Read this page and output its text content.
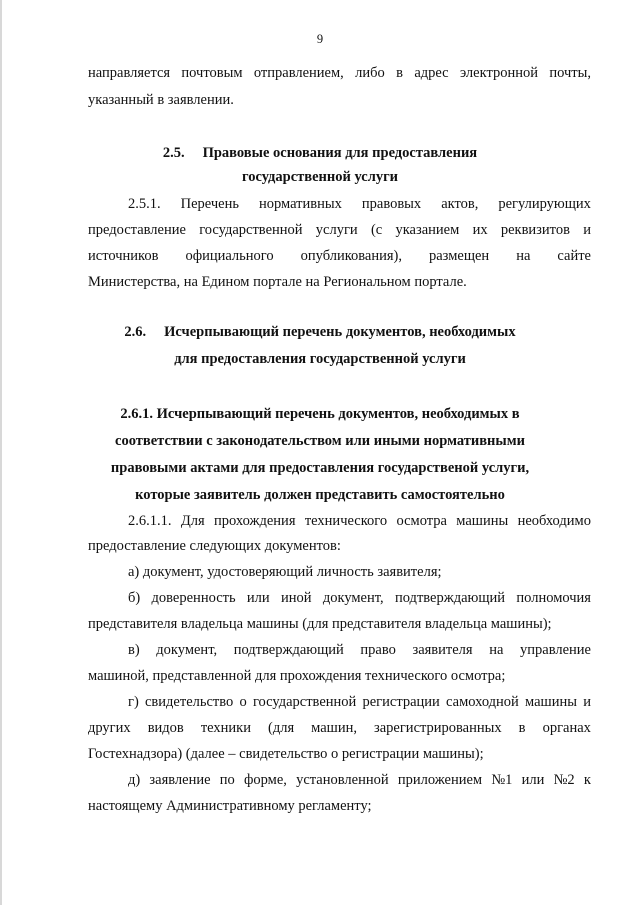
9
направляется почтовым отправлением, либо в адрес электронной почты,
указанный в заявлении.
2.5. Правовые основания для предоставления
государственной услуги
2.5.1. Перечень нормативных правовых актов, регулирующих
предоставление государственной услуги (с указанием их реквизитов и
источников официального опубликования), размещен на сайте
Министерства, на Едином портале на Региональном портале.
2.6. Исчерпывающий перечень документов, необходимых
для предоставления государственной услуги
2.6.1. Исчерпывающий перечень документов, необходимых в
соответствии с законодательством или иными нормативными
правовыми актами для предоставления государственой услуги,
которые заявитель должен представить самостоятельно
2.6.1.1. Для прохождения технического осмотра машины необходимо
предоставление следующих документов:
а) документ, удостоверяющий личность заявителя;
б) доверенность или иной документ, подтверждающий полномочия
представителя владельца машины (для представителя владельца машины);
в) документ, подтверждающий право заявителя на управление
машиной, представленной для прохождения технического осмотра;
г) свидетельство о государственной регистрации самоходной машины и
других видов техники (для машин, зарегистрированных в органах
Гостехнадзора) (далее – свидетельство о регистрации машины);
д) заявление по форме, установленной приложением №1 или №2 к
настоящему Административному регламенту;
